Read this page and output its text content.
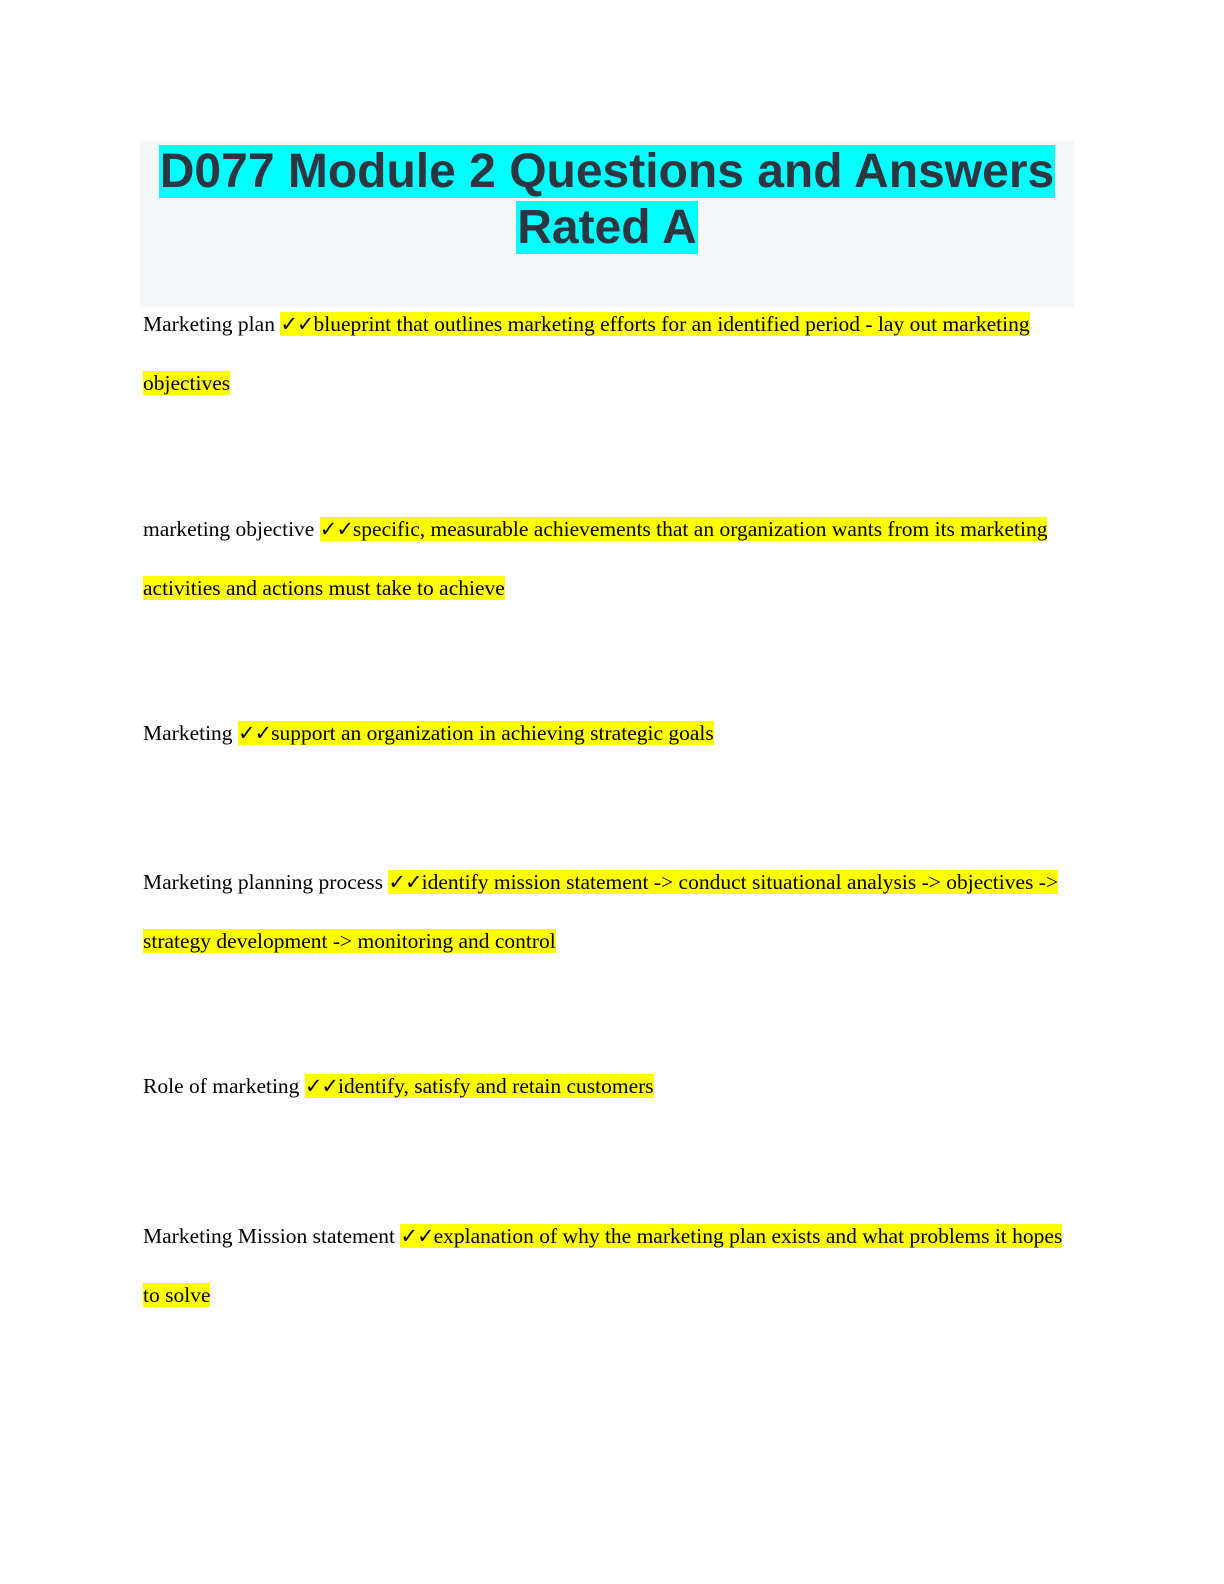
D077 Module 2 Questions and Answers
Rated A

Marketing plan ✓✓blueprint that outlines marketing efforts for an identified period - lay out marketing objectives

marketing objective ✓✓specific, measurable achievements that an organization wants from its marketing activities and actions must take to achieve

Marketing ✓✓support an organization in achieving strategic goals

Marketing planning process ✓✓identify mission statement -> conduct situational analysis -> objectives -> strategy development -> monitoring and control

Role of marketing ✓✓identify, satisfy and retain customers

Marketing Mission statement ✓✓explanation of why the marketing plan exists and what problems it hopes to solve
